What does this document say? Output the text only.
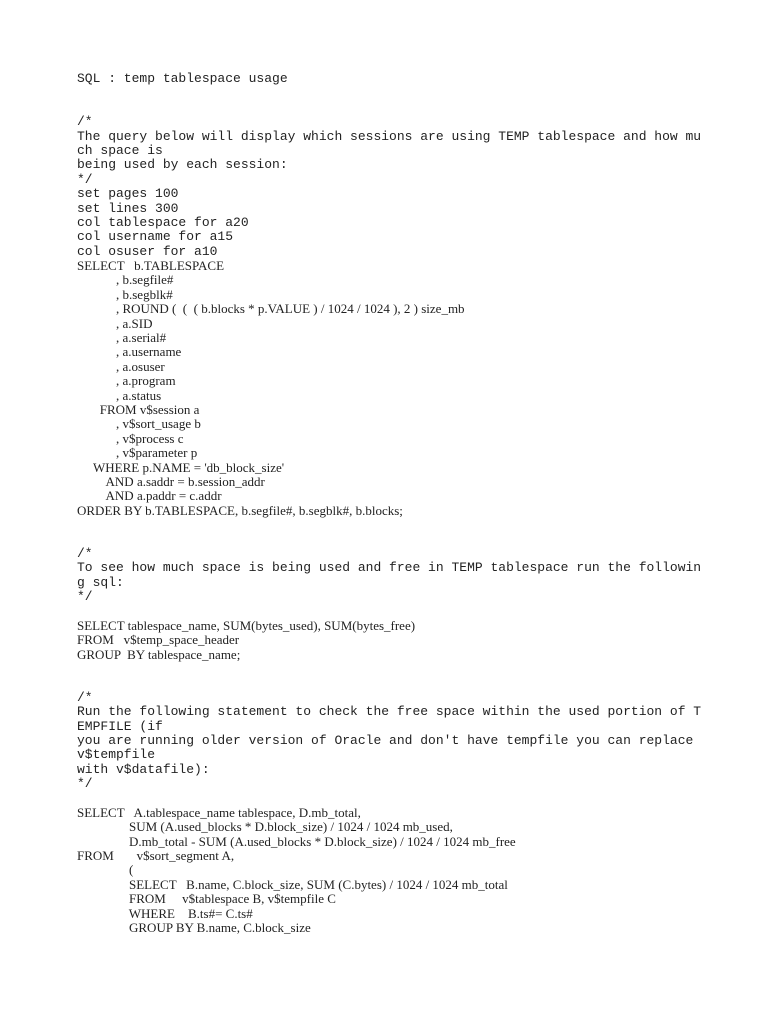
SQL : temp tablespace usage
/*
The query below will display which sessions are using TEMP tablespace and how mu
ch space is
being used by each session:
*/
set pages 100
set lines 300
col tablespace for a20
col username for a15
col osuser for a10
SELECT   b.TABLESPACE
, b.segfile#
, b.segblk#
, ROUND (  (  ( b.blocks * p.VALUE ) / 1024 / 1024 ), 2 ) size_mb
, a.SID
, a.serial#
, a.username
, a.osuser
, a.program
, a.status
FROM v$session a
, v$sort_usage b
, v$process c
, v$parameter p
WHERE p.NAME = 'db_block_size'
AND a.saddr = b.session_addr
AND a.paddr = c.addr
ORDER BY b.TABLESPACE, b.segfile#, b.segblk#, b.blocks;
/*
To see how much space is being used and free in TEMP tablespace run the followin
g sql:
*/
SELECT tablespace_name, SUM(bytes_used), SUM(bytes_free)
FROM   v$temp_space_header
GROUP  BY tablespace_name;
/*
Run the following statement to check the free space within the used portion of T
EMPFILE (if
you are running older version of Oracle and don't have tempfile you can replace
v$tempfile
with v$datafile):
*/
SELECT   A.tablespace_name tablespace, D.mb_total,
SUM (A.used_blocks * D.block_size) / 1024 / 1024 mb_used,
D.mb_total - SUM (A.used_blocks * D.block_size) / 1024 / 1024 mb_free
FROM       v$sort_segment A,
(
SELECT   B.name, C.block_size, SUM (C.bytes) / 1024 / 1024 mb_total
FROM     v$tablespace B, v$tempfile C
WHERE    B.ts#= C.ts#
GROUP BY B.name, C.block_size
